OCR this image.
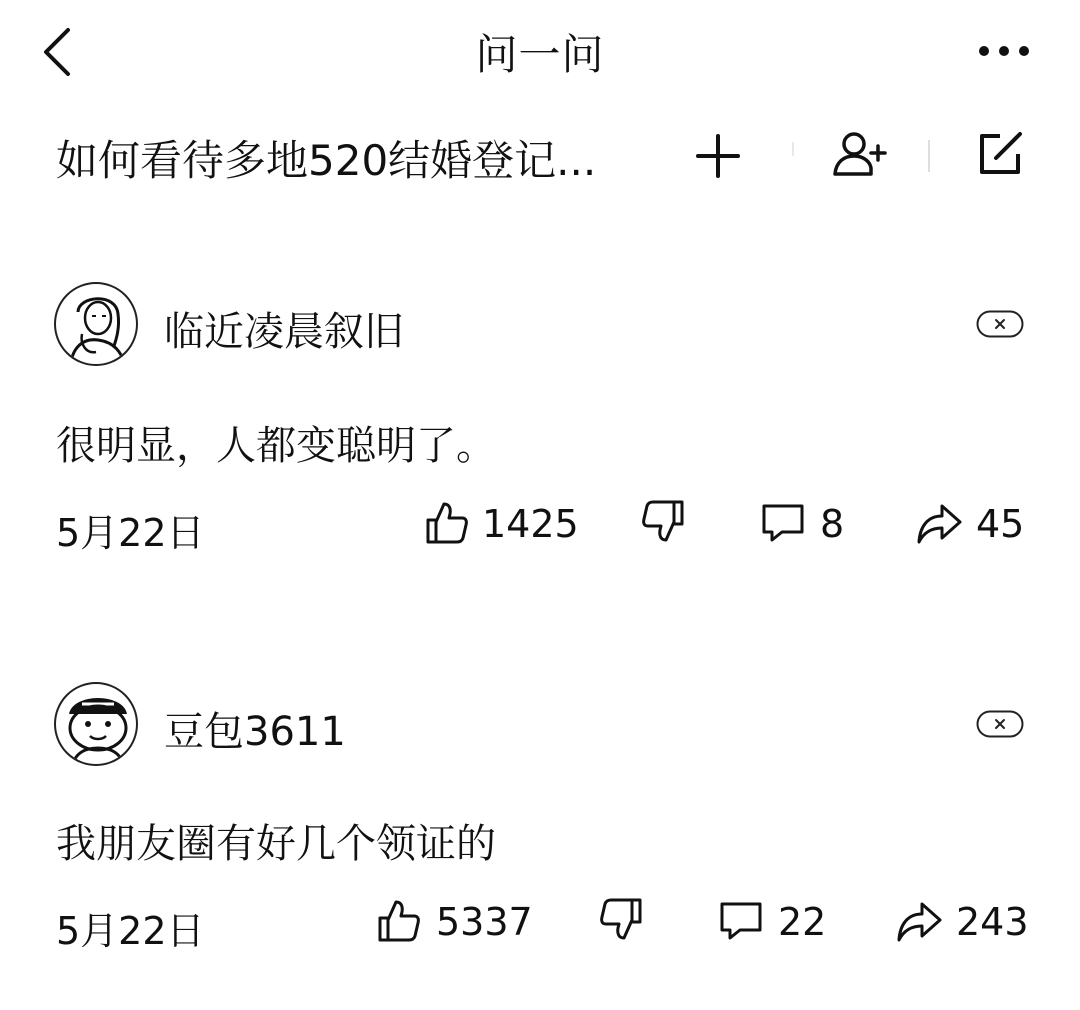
问一问
如何看待多地520结婚登记...
临近凌晨叙旧
很明显，人都变聪明了。
5月22日	1425	8	45
豆包3611
我朋友圈有好几个领证的
5月22日	5337	22	243
